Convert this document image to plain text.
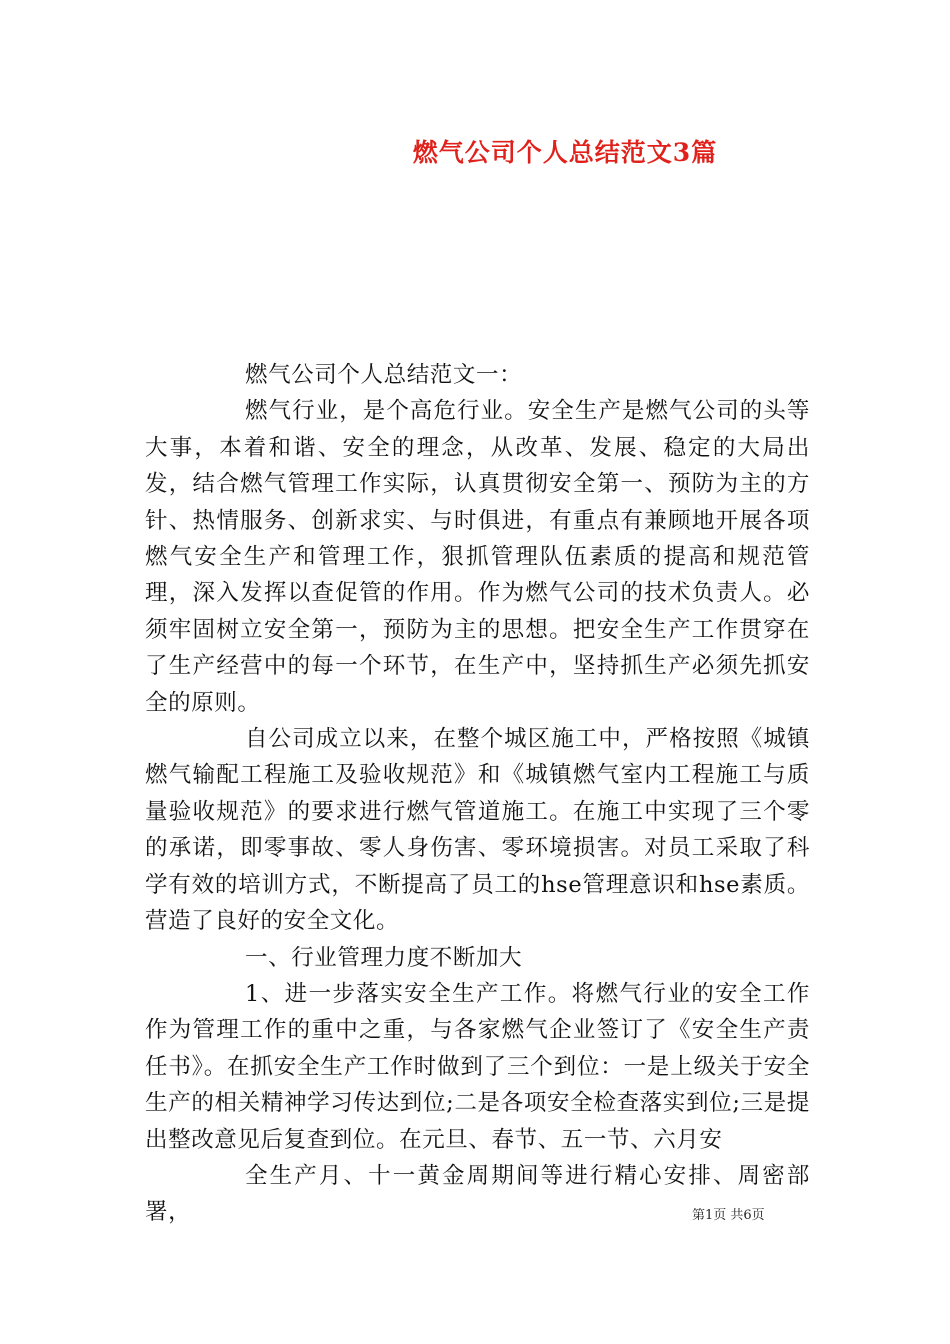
燃气公司个人总结范文3篇

燃气公司个人总结范文一：

燃气行业，是个高危行业。安全生产是燃气公司的头等大事，本着和谐、安全的理念，从改革、发展、稳定的大局出发，结合燃气管理工作实际，认真贯彻安全第一、预防为主的方针、热情服务、创新求实、与时俱进，有重点有兼顾地开展各项燃气安全生产和管理工作，狠抓管理队伍素质的提高和规范管理，深入发挥以查促管的作用。作为燃气公司的技术负责人。必须牢固树立安全第一，预防为主的思想。把安全生产工作贯穿在了生产经营中的每一个环节，在生产中，坚持抓生产必须先抓安全的原则。

自公司成立以来，在整个城区施工中，严格按照《城镇燃气输配工程施工及验收规范》和《城镇燃气室内工程施工与质量验收规范》的要求进行燃气管道施工。在施工中实现了三个零的承诺，即零事故、零人身伤害、零环境损害。对员工采取了科学有效的培训方式，不断提高了员工的hse管理意识和hse素质。营造了良好的安全文化。

一、行业管理力度不断加大

1、进一步落实安全生产工作。将燃气行业的安全工作作为管理工作的重中之重，与各家燃气企业签订了《安全生产责任书》。在抓安全生产工作时做到了三个到位：一是上级关于安全生产的相关精神学习传达到位;二是各项安全检查落实到位;三是提出整改意见后复查到位。在元旦、春节、五一节、六月安

全生产月、十一黄金周期间等进行精心安排、周密部署，	第1页 共6页
